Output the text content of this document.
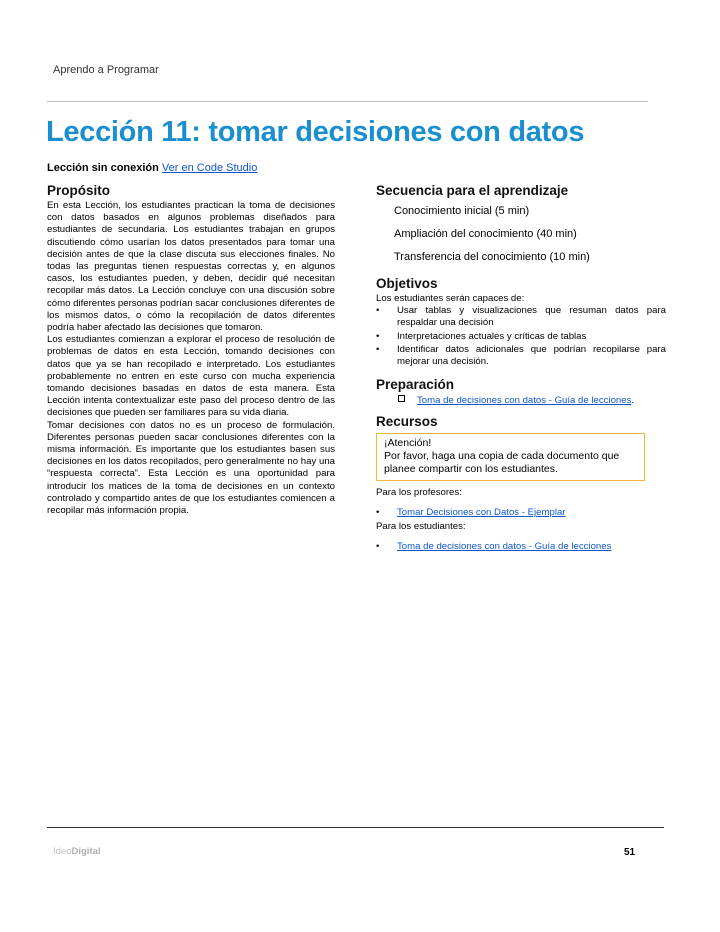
Aprendo a Programar
Lección 11: tomar decisiones con datos
Lección sin conexión Ver en Code Studio
Propósito

En esta Lección, los estudiantes practican la toma de decisiones con datos basados en algunos problemas diseñados para estudiantes de secundaria. Los estudiantes trabajan en grupos discutiendo cómo usarían los datos presentados para tomar una decisión antes de que la clase discuta sus elecciones finales. No todas las preguntas tienen respuestas correctas y, en algunos casos, los estudiantes pueden, y deben, decidir qué necesitan recopilar más datos. La Lección concluye con una discusión sobre cómo diferentes personas podrían sacar conclusiones diferentes de los mismos datos, o cómo la recopilación de datos diferentes podría haber afectado las decisiones que tomaron.

Los estudiantes comienzan a explorar el proceso de resolución de problemas de datos en esta Lección, tomando decisiones con datos que ya se han recopilado e interpretado. Los estudiantes probablemente no entren en este curso con mucha experiencia tomando decisiones basadas en datos de esta manera. Esta Lección intenta contextualizar este paso del proceso dentro de las decisiones que pueden ser familiares para su vida diaria.

Tomar decisiones con datos no es un proceso de formulación. Diferentes personas pueden sacar conclusiones diferentes con la misma información. Es importante que los estudiantes basen sus decisiones en los datos recopilados, pero generalmente no hay una “respuesta correcta”. Esta Lección es una oportunidad para introducir los matices de la toma de decisiones en un contexto controlado y compartido antes de que los estudiantes comiencen a recopilar más información propia.

Secuencia para el aprendizaje
Conocimiento inicial (5 min)
Ampliación del conocimiento (40 min)
Transferencia del conocimiento (10 min)
Objetivos

Los estudiantes serán capaces de:

• Usar tablas y visualizaciones que resuman datos para respaldar una decisión
• Interpretaciones actuales y críticas de tablas
• Identificar datos adicionales que podrían recopilarse para mejorar una decisión.
Preparación
Toma de decisiones con datos - Guía de lecciones.
Recursos
¡Atención!
Por favor, haga una copia de cada documento que planee compartir con los estudiantes.

Para los profesores:

• Tomar Decisiones con Datos - Ejemplar

Para los estudiantes:

• Toma de decisiones con datos - Guía de lecciones
IdeoDigital	51
